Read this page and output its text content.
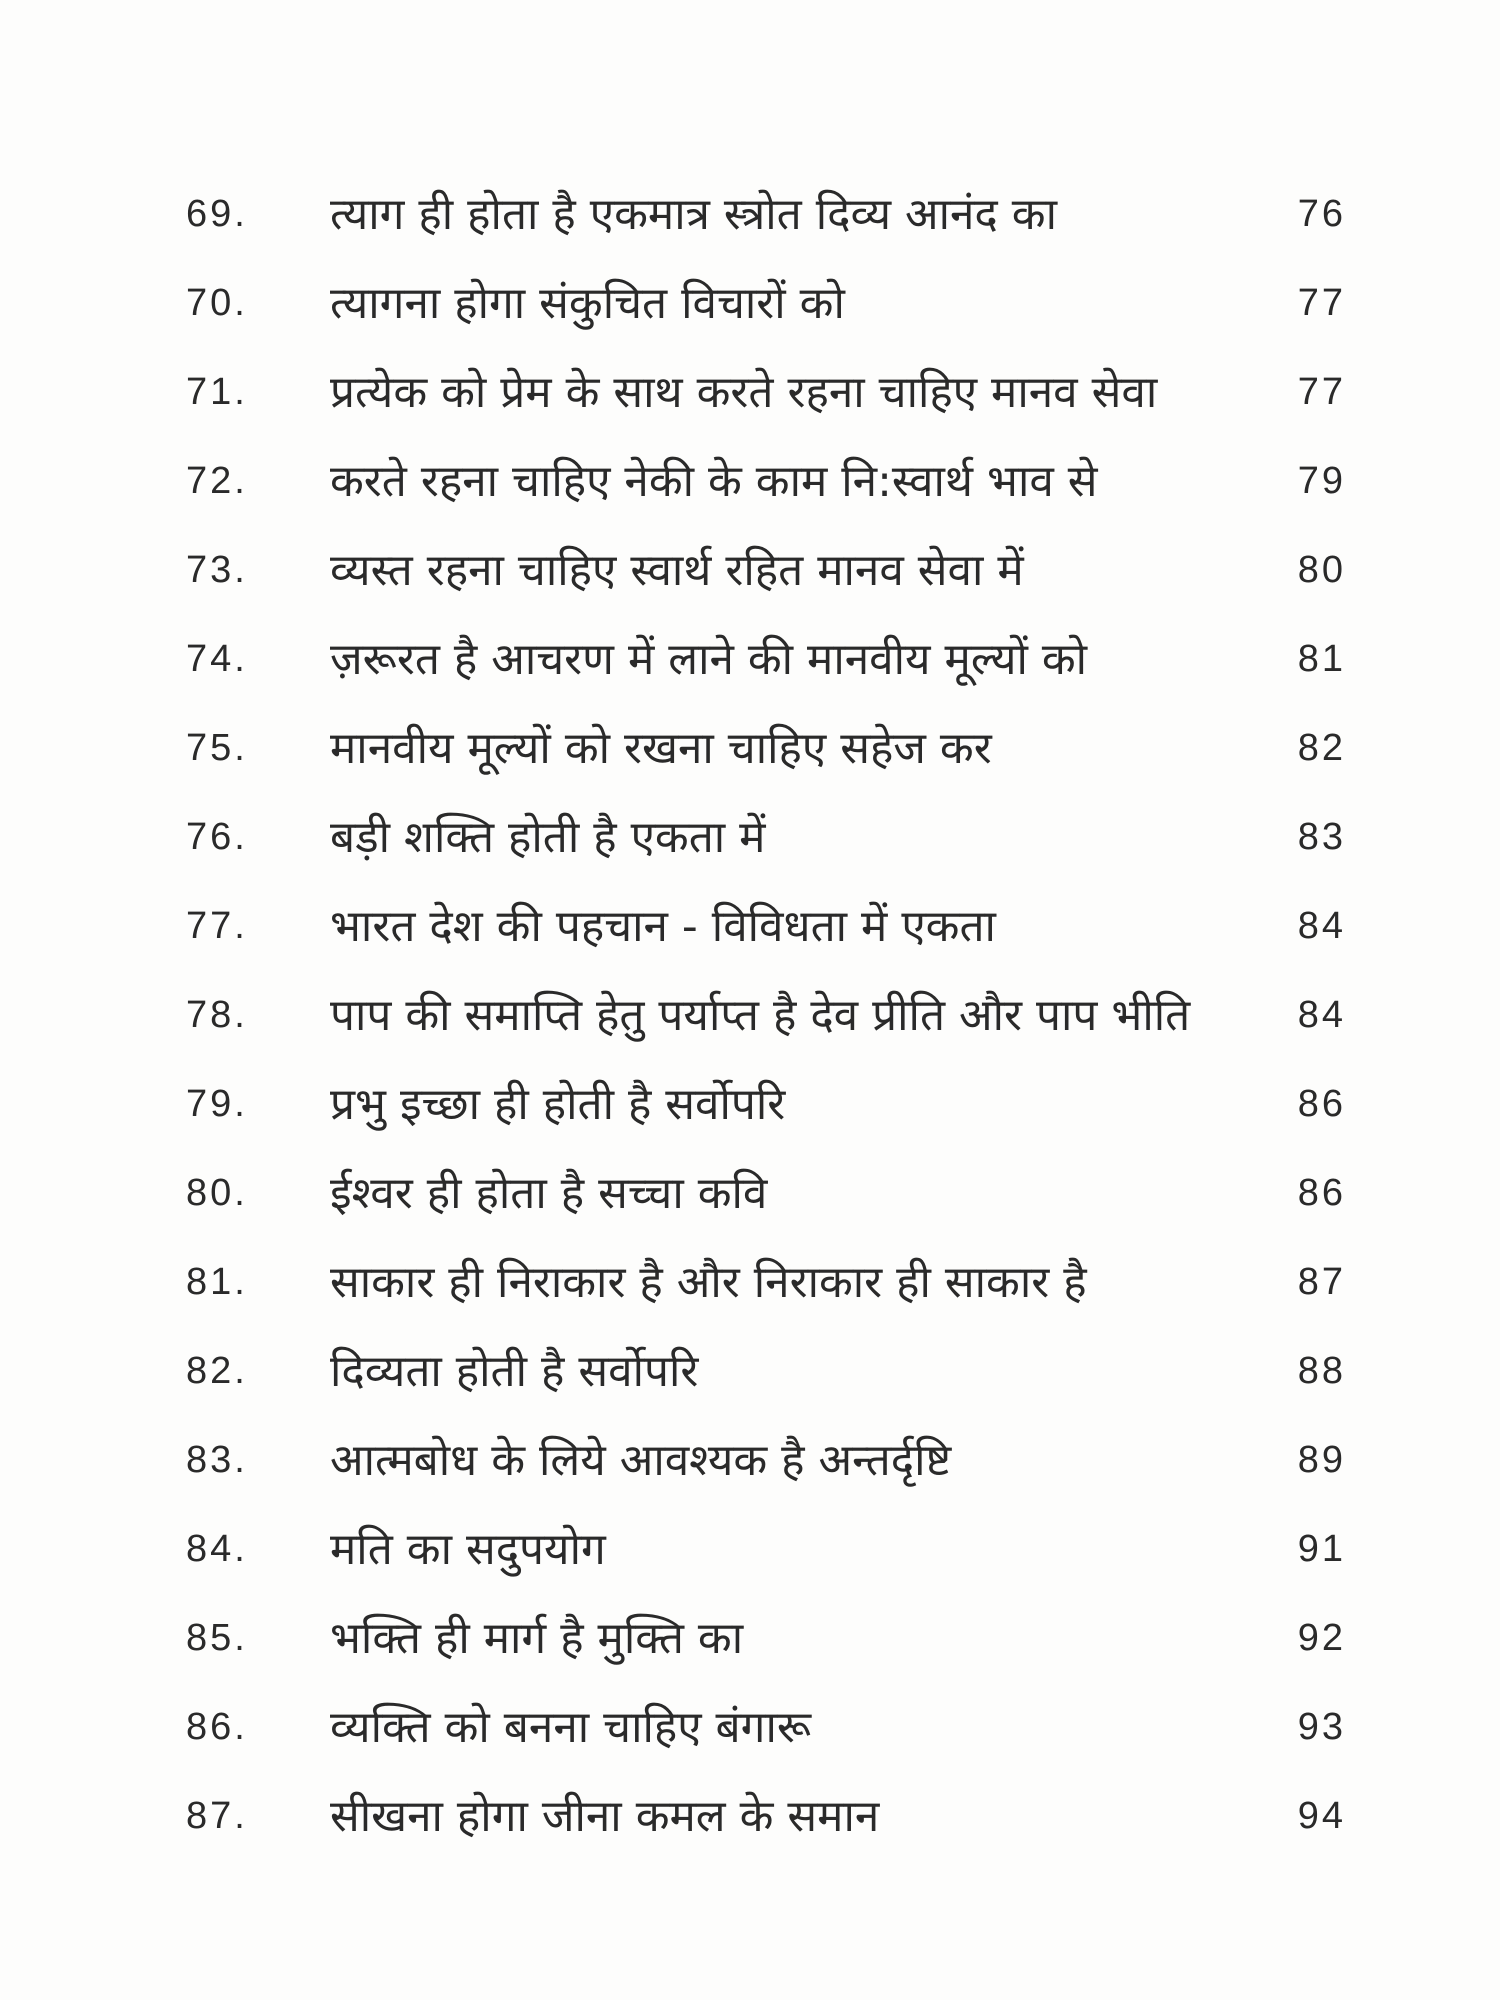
69.	त्याग ही होता है एकमात्र स्त्रोत दिव्य आनंद का	76
70.	त्यागना होगा संकुचित विचारों को	77
71.	प्रत्येक को प्रेम के साथ करते रहना चाहिए मानव सेवा	77
72.	करते रहना चाहिए नेकी के काम नि:स्वार्थ भाव से	79
73.	व्यस्त रहना चाहिए स्वार्थ रहित मानव सेवा में	80
74.	ज़रूरत है आचरण में लाने की मानवीय मूल्यों को	81
75.	मानवीय मूल्यों को रखना चाहिए सहेज कर	82
76.	बड़ी शक्ति होती है एकता में	83
77.	भारत देश की पहचान - विविधता में एकता	84
78.	पाप की समाप्ति हेतु पर्याप्त है देव प्रीति और पाप भीति	84
79.	प्रभु इच्छा ही होती है सर्वोपरि	86
80.	ईश्वर ही होता है सच्चा कवि	86
81.	साकार ही निराकार है और निराकार ही साकार है	87
82.	दिव्यता होती है सर्वोपरि	88
83.	आत्मबोध के लिये आवश्यक है अन्तर्दृष्टि	89
84.	मति का सदुपयोग	91
85.	भक्ति ही मार्ग है मुक्ति का	92
86.	व्यक्ति को बनना चाहिए बंगारू	93
87.	सीखना होगा जीना कमल के समान	94
